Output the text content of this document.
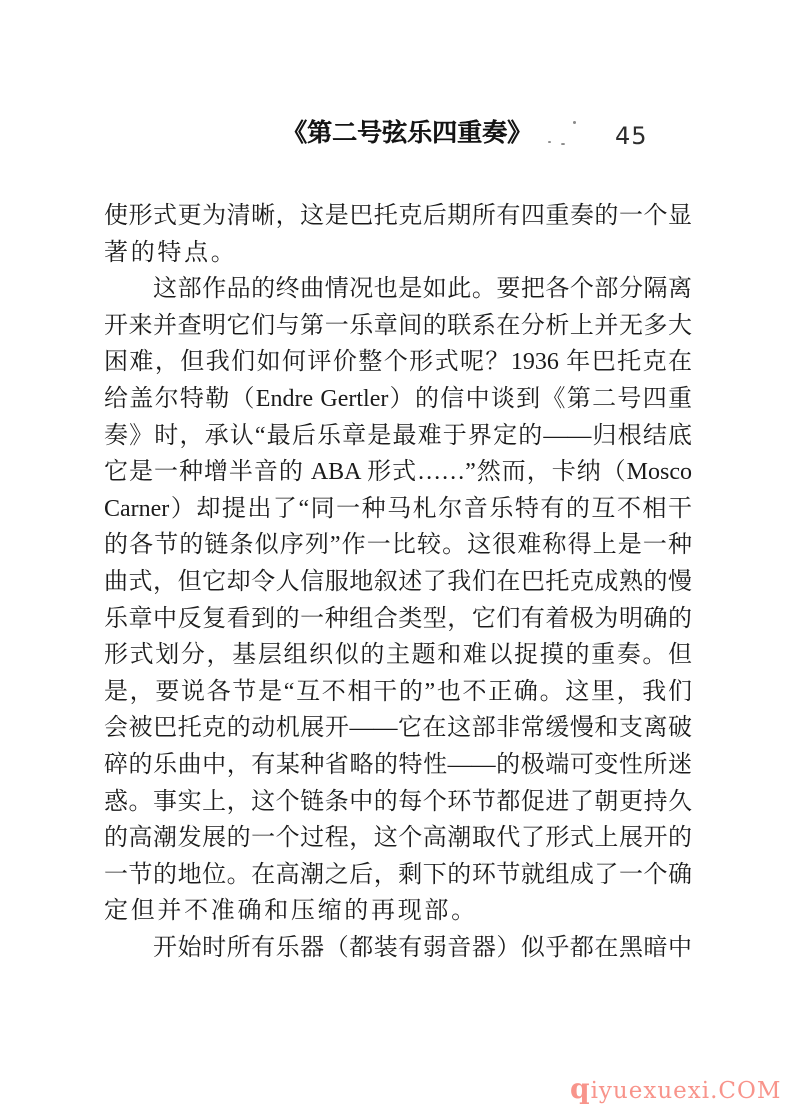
《第二号弦乐四重奏》	45
使形式更为清晰，这是巴托克后期所有四重奏的一个显
著的特点。
　　这部作品的终曲情况也是如此。要把各个部分隔离
开来并查明它们与第一乐章间的联系在分析上并无多大
困难，但我们如何评价整个形式呢？1936 年巴托克在
给盖尔特勒（Endre Gertler）的信中谈到《第二号四重
奏》时，承认“最后乐章是最难于界定的——归根结底
它是一种增半音的 ABA 形式……”然而，卡纳（Mosco
Carner）却提出了“同一种马札尔音乐特有的互不相干
的各节的链条似序列”作一比较。这很难称得上是一种
曲式，但它却令人信服地叙述了我们在巴托克成熟的慢
乐章中反复看到的一种组合类型，它们有着极为明确的
形式划分，基层组织似的主题和难以捉摸的重奏。但
是，要说各节是“互不相干的”也不正确。这里，我们
会被巴托克的动机展开——它在这部非常缓慢和支离破
碎的乐曲中，有某种省略的特性——的极端可变性所迷
惑。事实上，这个链条中的每个环节都促进了朝更持久
的高潮发展的一个过程，这个高潮取代了形式上展开的
一节的地位。在高潮之后，剩下的环节就组成了一个确
定但并不准确和压缩的再现部。
　　开始时所有乐器（都装有弱音器）似乎都在黑暗中
qiyuexuexi.COM
